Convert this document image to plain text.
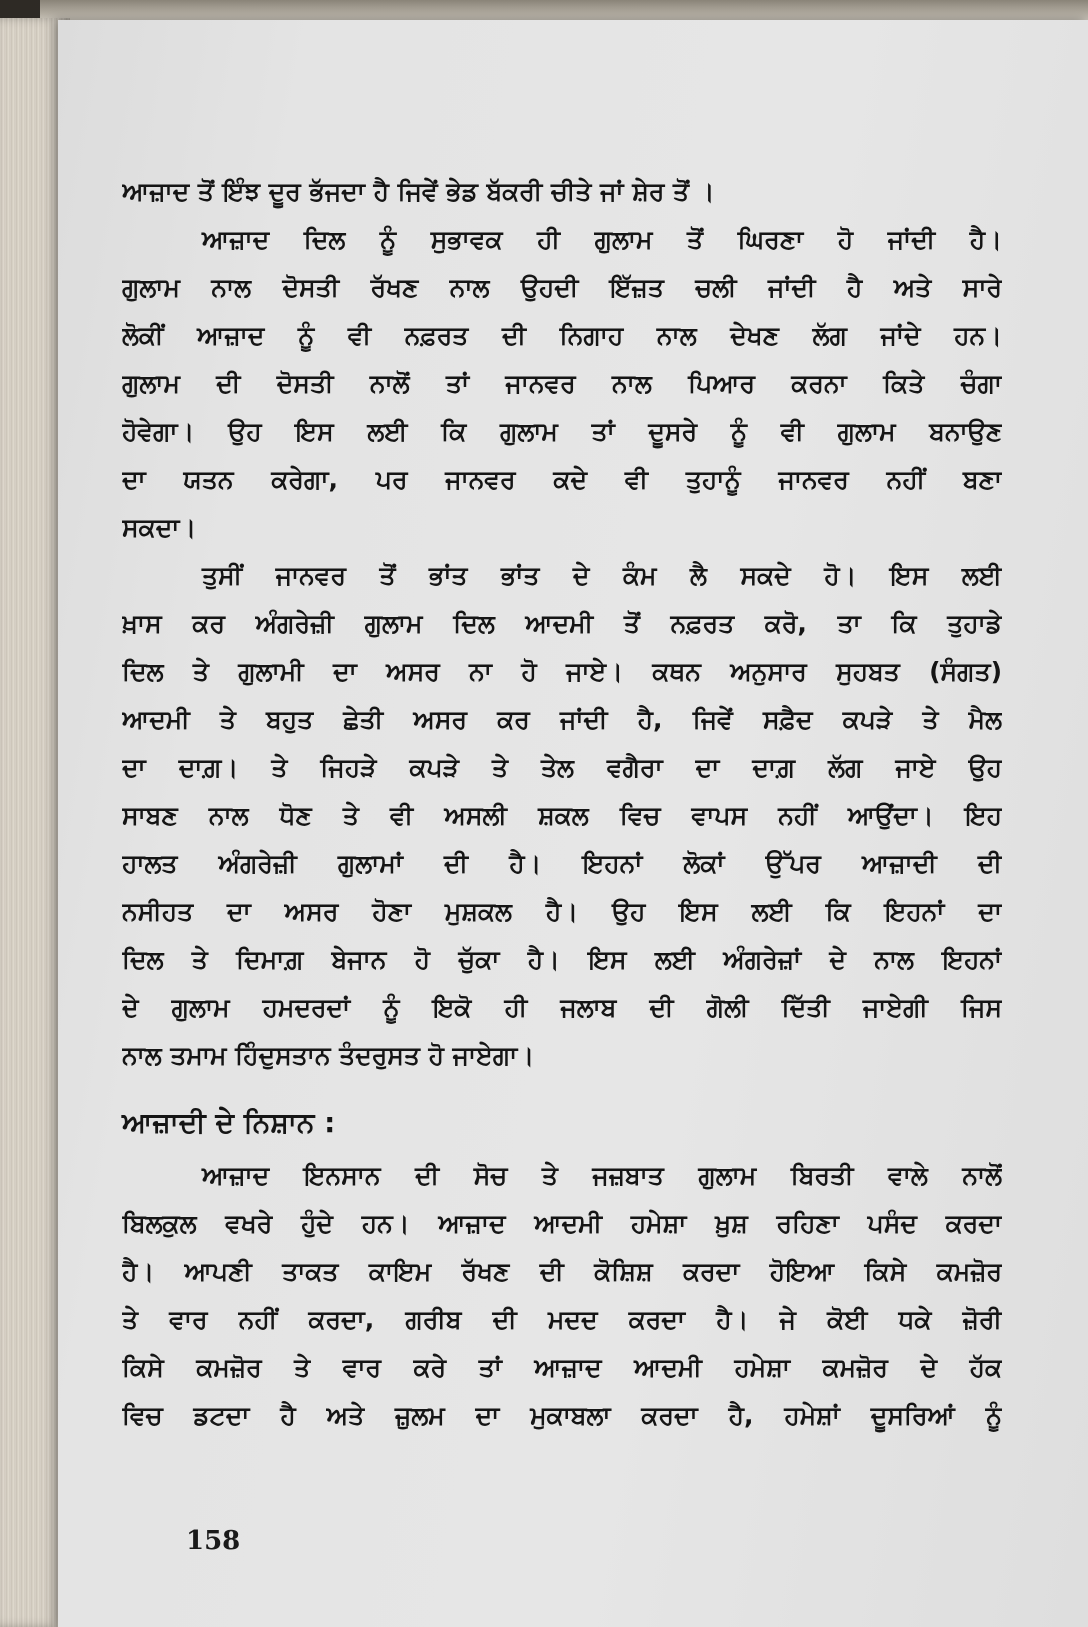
ਆਜ਼ਾਦ ਤੋਂ ਇੰਝ ਦੂਰ ਭੱਜਦਾ ਹੈ ਜਿਵੇਂ ਭੇਡ ਬੱਕਰੀ ਚੀਤੇ ਜਾਂ ਸ਼ੇਰ ਤੋਂ ।
ਆਜ਼ਾਦ ਦਿਲ ਨੂੰ ਸੁਭਾਵਕ ਹੀ ਗੁਲਾਮ ਤੋਂ ਘਿਰਣਾ ਹੋ ਜਾਂਦੀ ਹੈ।
ਗੁਲਾਮ ਨਾਲ ਦੋਸਤੀ ਰੱਖਣ ਨਾਲ ਉਹਦੀ ਇੱਜ਼ਤ ਚਲੀ ਜਾਂਦੀ ਹੈ ਅਤੇ ਸਾਰੇ
ਲੋਕੀਂ ਆਜ਼ਾਦ ਨੂੰ ਵੀ ਨਫ਼ਰਤ ਦੀ ਨਿਗਾਹ ਨਾਲ ਦੇਖਣ ਲੱਗ ਜਾਂਦੇ ਹਨ।
ਗੁਲਾਮ ਦੀ ਦੋਸਤੀ ਨਾਲੋਂ ਤਾਂ ਜਾਨਵਰ ਨਾਲ ਪਿਆਰ ਕਰਨਾ ਕਿਤੇ ਚੰਗਾ
ਹੋਵੇਗਾ। ਉਹ ਇਸ ਲਈ ਕਿ ਗੁਲਾਮ ਤਾਂ ਦੂਸਰੇ ਨੂੰ ਵੀ ਗੁਲਾਮ ਬਨਾਉਣ
ਦਾ ਯਤਨ ਕਰੇਗਾ, ਪਰ ਜਾਨਵਰ ਕਦੇ ਵੀ ਤੁਹਾਨੂੰ ਜਾਨਵਰ ਨਹੀਂ ਬਣਾ
ਸਕਦਾ।
ਤੁਸੀਂ ਜਾਨਵਰ ਤੋਂ ਭਾਂਤ ਭਾਂਤ ਦੇ ਕੰਮ ਲੈ ਸਕਦੇ ਹੋ। ਇਸ ਲਈ
ਖ਼ਾਸ ਕਰ ਅੰਗਰੇਜ਼ੀ ਗੁਲਾਮ ਦਿਲ ਆਦਮੀ ਤੋਂ ਨਫ਼ਰਤ ਕਰੋ, ਤਾ ਕਿ ਤੁਹਾਡੇ
ਦਿਲ ਤੇ ਗੁਲਾਮੀ ਦਾ ਅਸਰ ਨਾ ਹੋ ਜਾਏ। ਕਥਨ ਅਨੁਸਾਰ ਸੁਹਬਤ (ਸੰਗਤ)
ਆਦਮੀ ਤੇ ਬਹੁਤ ਛੇਤੀ ਅਸਰ ਕਰ ਜਾਂਦੀ ਹੈ, ਜਿਵੇਂ ਸਫ਼ੈਦ ਕਪੜੇ ਤੇ ਮੈਲ
ਦਾ ਦਾਗ਼। ਤੇ ਜਿਹੜੇ ਕਪੜੇ ਤੇ ਤੇਲ ਵਗੈਰਾ ਦਾ ਦਾਗ਼ ਲੱਗ ਜਾਏ ਉਹ
ਸਾਬਣ ਨਾਲ ਧੋਣ ਤੇ ਵੀ ਅਸਲੀ ਸ਼ਕਲ ਵਿਚ ਵਾਪਸ ਨਹੀਂ ਆਉਂਦਾ। ਇਹ
ਹਾਲਤ ਅੰਗਰੇਜ਼ੀ ਗੁਲਾਮਾਂ ਦੀ ਹੈ। ਇਹਨਾਂ ਲੋਕਾਂ ਉੱਪਰ ਆਜ਼ਾਦੀ ਦੀ
ਨਸੀਹਤ ਦਾ ਅਸਰ ਹੋਣਾ ਮੁਸ਼ਕਲ ਹੈ। ਉਹ ਇਸ ਲਈ ਕਿ ਇਹਨਾਂ ਦਾ
ਦਿਲ ਤੇ ਦਿਮਾਗ਼ ਬੇਜਾਨ ਹੋ ਚੁੱਕਾ ਹੈ। ਇਸ ਲਈ ਅੰਗਰੇਜ਼ਾਂ ਦੇ ਨਾਲ ਇਹਨਾਂ
ਦੇ ਗੁਲਾਮ ਹਮਦਰਦਾਂ ਨੂੰ ਇਕੋ ਹੀ ਜਲਾਬ ਦੀ ਗੋਲੀ ਦਿੱਤੀ ਜਾਏਗੀ ਜਿਸ
ਨਾਲ ਤਮਾਮ ਹਿੰਦੁਸਤਾਨ ਤੰਦਰੁਸਤ ਹੋ ਜਾਏਗਾ।
ਆਜ਼ਾਦੀ ਦੇ ਨਿਸ਼ਾਨ :
ਆਜ਼ਾਦ ਇਨਸਾਨ ਦੀ ਸੋਚ ਤੇ ਜਜ਼ਬਾਤ ਗੁਲਾਮ ਬਿਰਤੀ ਵਾਲੇ ਨਾਲੋਂ
ਬਿਲਕੁਲ ਵਖਰੇ ਹੁੰਦੇ ਹਨ। ਆਜ਼ਾਦ ਆਦਮੀ ਹਮੇਸ਼ਾ ਖ਼ੁਸ਼ ਰਹਿਣਾ ਪਸੰਦ ਕਰਦਾ
ਹੈ। ਆਪਣੀ ਤਾਕਤ ਕਾਇਮ ਰੱਖਣ ਦੀ ਕੋਸ਼ਿਸ਼ ਕਰਦਾ ਹੋਇਆ ਕਿਸੇ ਕਮਜ਼ੋਰ
ਤੇ ਵਾਰ ਨਹੀਂ ਕਰਦਾ, ਗਰੀਬ ਦੀ ਮਦਦ ਕਰਦਾ ਹੈ। ਜੇ ਕੋਈ ਧਕੇ ਜ਼ੋਰੀ
ਕਿਸੇ ਕਮਜ਼ੋਰ ਤੇ ਵਾਰ ਕਰੇ ਤਾਂ ਆਜ਼ਾਦ ਆਦਮੀ ਹਮੇਸ਼ਾ ਕਮਜ਼ੋਰ ਦੇ ਹੱਕ
ਵਿਚ ਡਟਦਾ ਹੈ ਅਤੇ ਜ਼ੁਲਮ ਦਾ ਮੁਕਾਬਲਾ ਕਰਦਾ ਹੈ, ਹਮੇਸ਼ਾਂ ਦੂਸਰਿਆਂ ਨੂੰ
158
